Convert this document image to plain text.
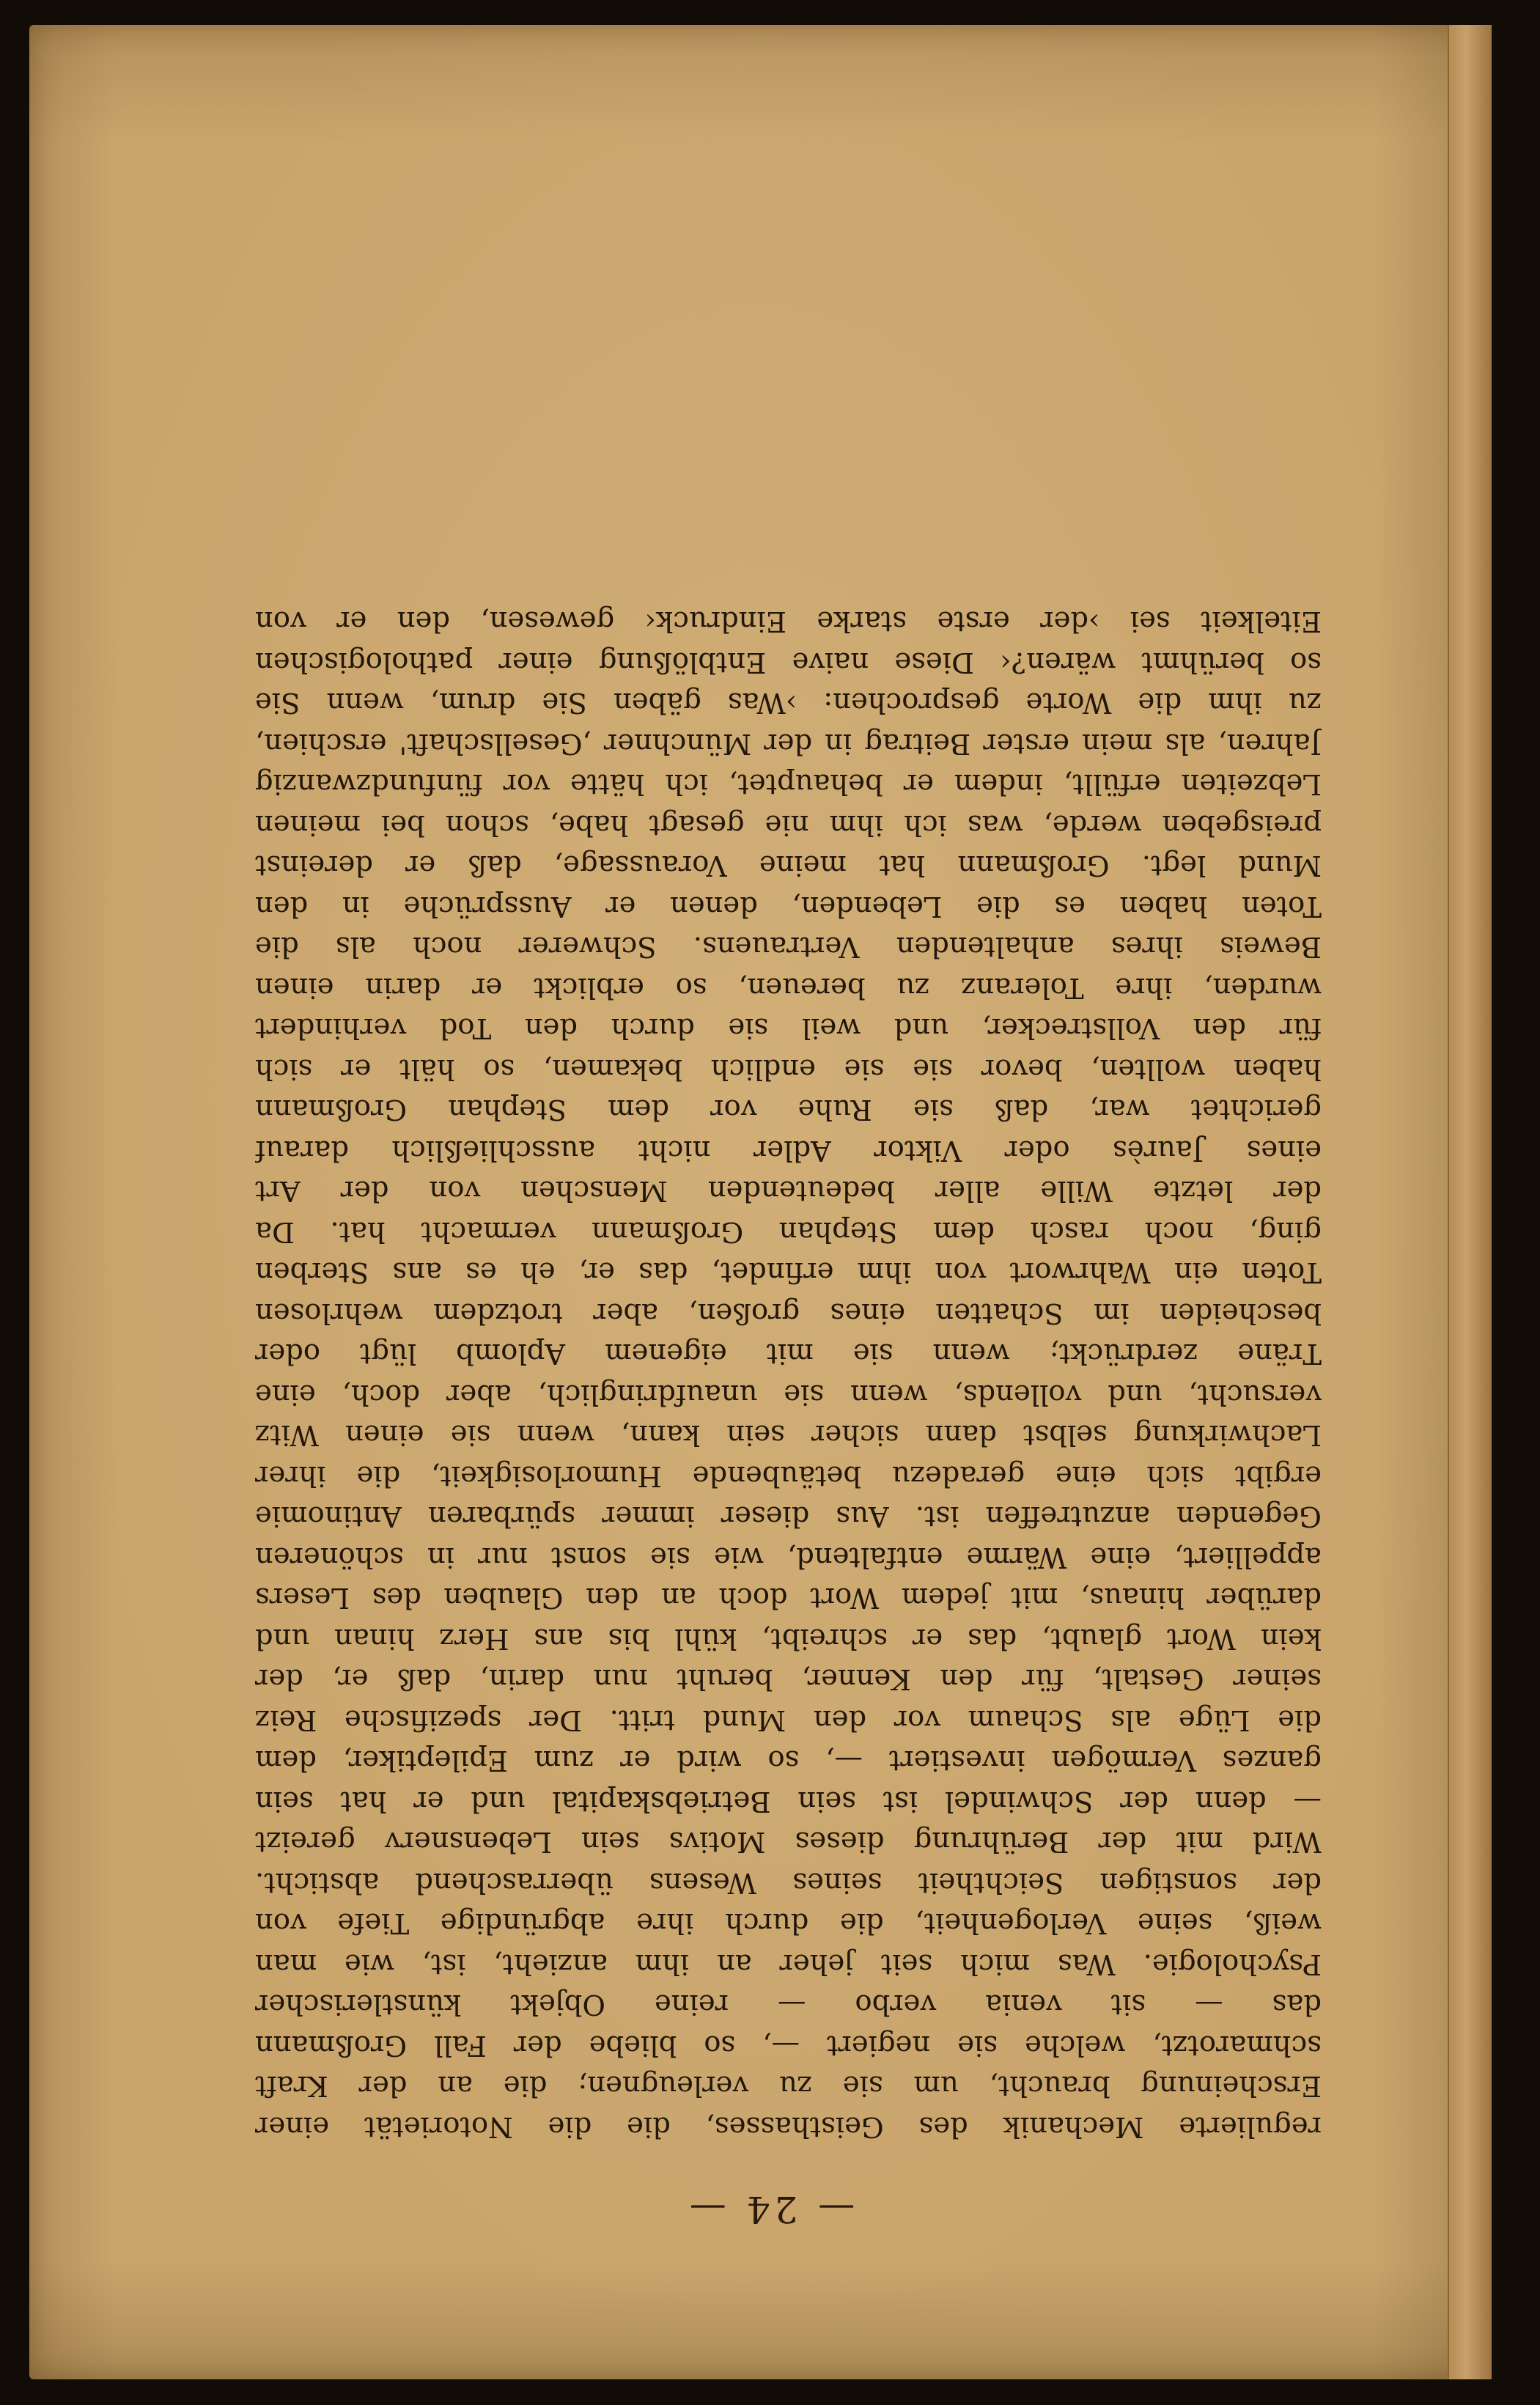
— 24 —
regulierte Mechanik des Geisthasses, die die Notorietät einer
Erscheinung braucht, um sie zu verleugnen; die an der Kraft
schmarotzt, welche sie negiert —, so bliebe der Fall Großmann
das — sit venia verbo — reine Objekt künstlerischer
Psychologie. Was mich seit jeher an ihm anzieht, ist, wie man
weiß, seine Verlogenheit, die durch ihre abgründige Tiefe von
der sonstigen Seichtheit seines Wesens überraschend absticht.
Wird mit der Berührung dieses Motivs sein Lebensnerv gereizt
— denn der Schwindel ist sein Betriebskapital und er hat sein
ganzes Vermögen investiert —, so wird er zum Epileptiker, dem
die Lüge als Schaum vor den Mund tritt. Der spezifische Reiz
seiner Gestalt, für den Kenner, beruht nun darin, daß er, der
kein Wort glaubt, das er schreibt, kühl bis ans Herz hinan und
darüber hinaus, mit jedem Wort doch an den Glauben des Lesers
appelliert, eine Wärme entfaltend, wie sie sonst nur in schöneren
Gegenden anzutreffen ist. Aus dieser immer spürbaren Antinomie
ergibt sich eine geradezu betäubende Humorlosigkeit, die ihrer
Lachwirkung selbst dann sicher sein kann, wenn sie einen Witz
versucht, und vollends, wenn sie unaufdringlich, aber doch, eine
Träne zerdrückt; wenn sie mit eigenem Aplomb lügt oder
bescheiden im Schatten eines großen, aber trotzdem wehrlosen
Toten ein Wahrwort von ihm erfindet, das er, eh es ans Sterben
ging, noch rasch dem Stephan Großmann vermacht hat. Da
der letzte Wille aller bedeutenden Menschen von der Art
eines Jaurès oder Viktor Adler nicht ausschließlich darauf
gerichtet war, daß sie Ruhe vor dem Stephan Großmann
haben wollten, bevor sie sie endlich bekamen, so hält er sich
für den Vollstrecker, und weil sie durch den Tod verhindert
wurden, ihre Toleranz zu bereuen, so erblickt er darin einen
Beweis ihres anhaltenden Vertrauens. Schwerer noch als die
Toten haben es die Lebenden, denen er Aussprüche in den
Mund legt. Großmann hat meine Voraussage, daß er dereinst
preisgeben werde, was ich ihm nie gesagt habe, schon bei meinen
Lebzeiten erfüllt, indem er behauptet, ich hätte vor fünfundzwanzig
Jahren, als mein erster Beitrag in der Münchner ‚Gesellschaft' erschien,
zu ihm die Worte gesprochen: ›Was gäben Sie drum, wenn Sie
so berühmt wären?‹ Diese naive Entblößung einer pathologischen
Eitelkeit sei ›der erste starke Eindruck‹ gewesen, den er von
